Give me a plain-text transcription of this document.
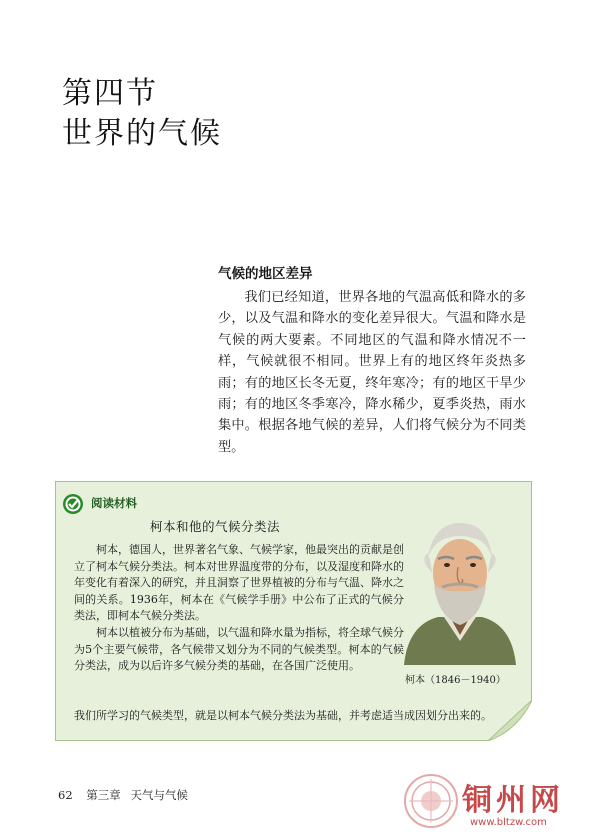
第四节
世界的气候
气候的地区差异

我们已经知道，世界各地的气温高低和降水的多少，以及气温和降水的变化差异很大。气温和降水是气候的两大要素。不同地区的气温和降水情况不一样，气候就很不相同。世界上有的地区终年炎热多雨；有的地区长冬无夏，终年寒冷；有的地区干旱少雨；有的地区冬季寒冷，降水稀少，夏季炎热，雨水集中。根据各地气候的差异，人们将气候分为不同类型。

阅读材料
柯本和他的气候分类法

柯本，德国人，世界著名气象、气候学家，他最突出的贡献是创立了柯本气候分类法。柯本对世界温度带的分布，以及湿度和降水的年变化有着深入的研究，并且洞察了世界植被的分布与气温、降水之间的关系。1936年，柯本在《气候学手册》中公布了正式的气候分类法，即柯本气候分类法。

柯本以植被分布为基础，以气温和降水量为指标，将全球气候分为5个主要气候带，各气候带又划分为不同的气候类型。柯本的气候分类法，成为以后许多气候分类的基础，在各国广泛使用。

我们所学习的气候类型，就是以柯本气候分类法为基础，并考虑适当成因划分出来的。

柯本（1846－1940）
62 第三章 天气与气候	铜州网
www.bltzw.com
